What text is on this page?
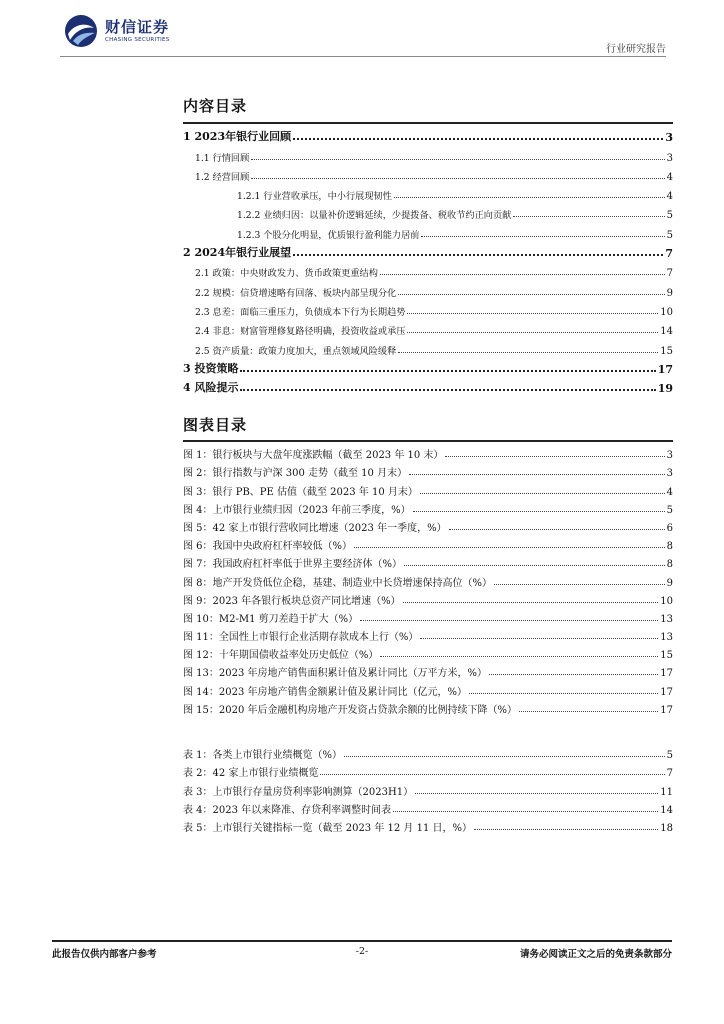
财信证券
CHASING SECURITIES
行业研究报告
内容目录
1 2023年银行业回顾	3
1.1 行情回顾	3
1.2 经营回顾	4
1.2.1 行业营收承压，中小行展现韧性	4
1.2.2 业绩归因：以量补价逻辑延续，少提拨备、税收节约正向贡献	5
1.2.3 个股分化明显，优质银行盈利能力居前	5
2 2024年银行业展望	7
2.1 政策：中央财政发力、货币政策更重结构	7
2.2 规模：信贷增速略有回落、板块内部呈现分化	9
2.3 息差：面临三重压力，负债成本下行为长期趋势	10
2.4 非息：财富管理修复路径明确，投资收益或承压	14
2.5 资产质量：政策力度加大，重点领域风险缓释	15
3 投资策略	17
4 风险提示	19
图表目录
图 1：银行板块与大盘年度涨跌幅（截至 2023 年 10 末）	3
图 2：银行指数与沪深 300 走势（截至 10 月末）	3
图 3：银行 PB、PE 估值（截至 2023 年 10 月末）	4
图 4：上市银行业绩归因（2023 年前三季度，%）	5
图 5：42 家上市银行营收同比增速（2023 年一季度，%）	6
图 6：我国中央政府杠杆率较低（%）	8
图 7：我国政府杠杆率低于世界主要经济体（%）	8
图 8：地产开发贷低位企稳，基建、制造业中长贷增速保持高位（%）	9
图 9：2023 年各银行板块总资产同比增速（%）	10
图 10：M2-M1 剪刀差趋于扩大（%）	13
图 11：全国性上市银行企业活期存款成本上行（%）	13
图 12：十年期国债收益率处历史低位（%）	15
图 13：2023 年房地产销售面积累计值及累计同比（万平方米，%）	17
图 14：2023 年房地产销售金额累计值及累计同比（亿元，%）	17
图 15：2020 年后金融机构房地产开发资占贷款余额的比例持续下降（%）	17
表 1：各类上市银行业绩概览（%）	5
表 2：42 家上市银行业绩概览	7
表 3：上市银行存量房贷利率影响测算（2023H1）	11
表 4：2023 年以来降准、存贷利率调整时间表	14
表 5：上市银行关键指标一览（截至 2023 年 12 月 11 日，%）	18
此报告仅供内部客户参考	-2-	请务必阅读正文之后的免责条款部分
